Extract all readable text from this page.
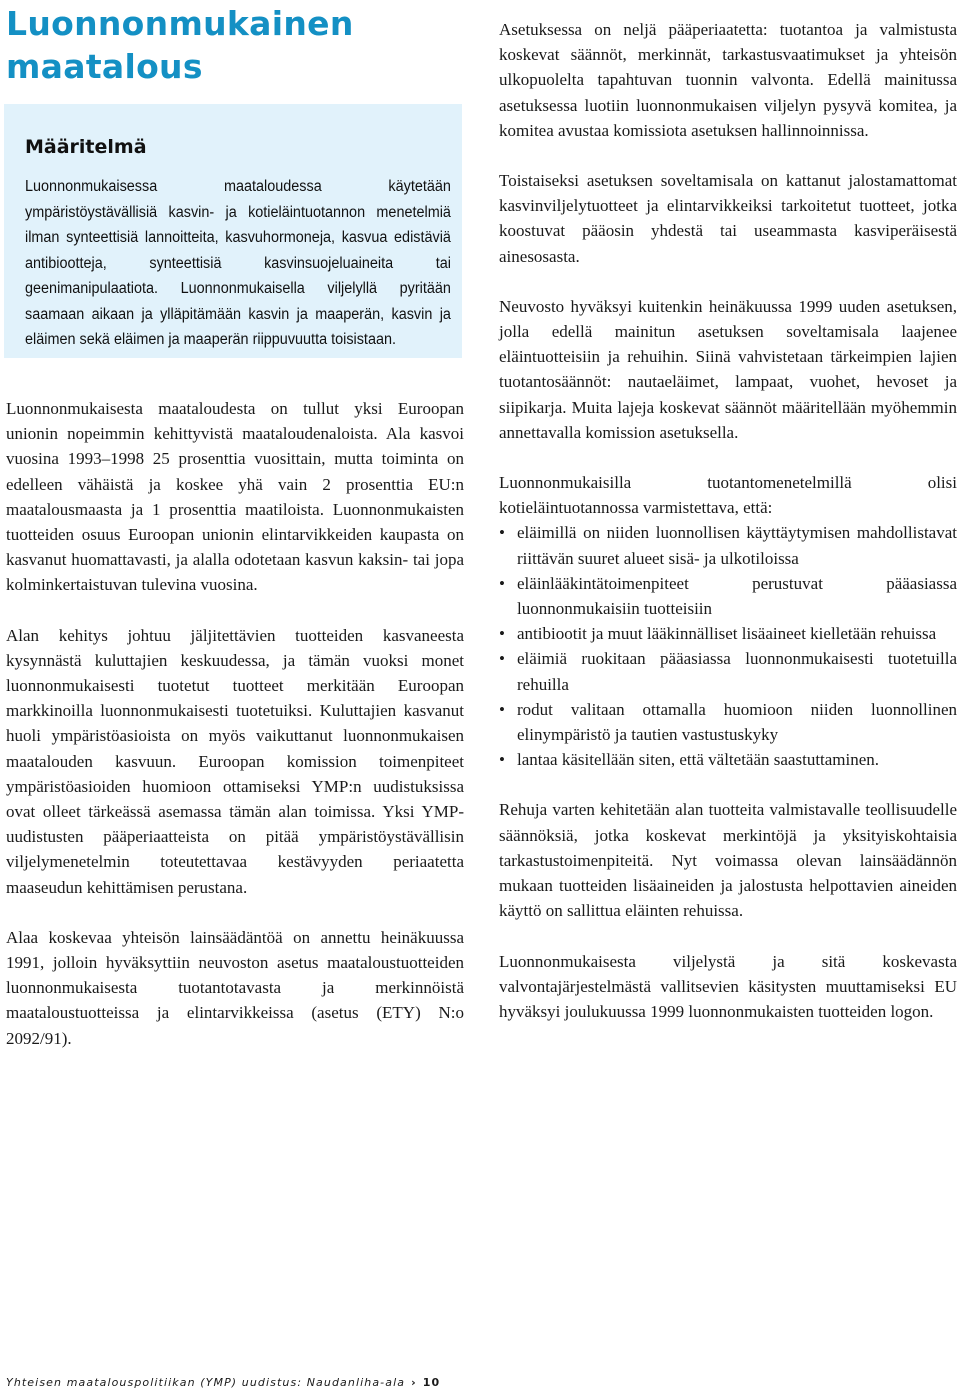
Luonnonmukainen maatalous
Määritelmä

Luonnonmukaisessa maataloudessa käytetään ympäristöystävällisiä kasvin- ja kotieläintuotannon menetelmiä ilman synteettisiä lannoitteita, kasvuhormoneja, kasvua edistäviä antibiootteja, synteettisiä kasvinsuojeluaineita tai geenimanipulaatiota. Luonnonmukaisella viljelyllä pyritään saamaan aikaan ja ylläpitämään kasvin ja maaperän, kasvin ja eläimen sekä eläimen ja maaperän riippuvuutta toisistaan.

Luonnonmukaisesta maataloudesta on tullut yksi Euroopan unionin nopeimmin kehittyvistä maataloudenaloista. Ala kasvoi vuosina 1993–1998 25 prosenttia vuosittain, mutta toiminta on edelleen vähäistä ja koskee yhä vain 2 prosenttia EU:n maatalousmaasta ja 1 prosenttia maatiloista. Luonnonmukaisten tuotteiden osuus Euroopan unionin elintarvikkeiden kaupasta on kasvanut huomattavasti, ja alalla odotetaan kasvun kaksin- tai jopa kolminkertaistuvan tulevina vuosina.

Alan kehitys johtuu jäljitettävien tuotteiden kasvaneesta kysynnästä kuluttajien keskuudessa, ja tämän vuoksi monet luonnonmukaisesti tuotetut tuotteet merkitään Euroopan markkinoilla luonnonmukaisesti tuotetuiksi. Kuluttajien kasvanut huoli ympäristöasioista on myös vaikuttanut luonnonmukaisen maatalouden kasvuun. Euroopan komission toimenpiteet ympäristöasioiden huomioon ottamiseksi YMP:n uudistuksissa ovat olleet tärkeässä asemassa tämän alan toimissa. Yksi YMP-uudistusten pääperiaatteista on pitää ympäristöystävällisin viljelymenetelmin toteutettavaa kestävyyden periaatetta maaseudun kehittämisen perustana.

Alaa koskevaa yhteisön lainsäädäntöä on annettu heinäkuussa 1991, jolloin hyväksyttiin neuvoston asetus maataloustuotteiden luonnonmukaisesta tuotantotavasta ja merkinnöistä maataloustuotteissa ja elintarvikkeissa (asetus (ETY) N:o 2092/91).

Asetuksessa on neljä pääperiaatetta: tuotantoa ja valmistusta koskevat säännöt, merkinnät, tarkastusvaatimukset ja yhteisön ulkopuolelta tapahtuvan tuonnin valvonta. Edellä mainitussa asetuksessa luotiin luonnonmukaisen viljelyn pysyvä komitea, ja komitea avustaa komissiota asetuksen hallinnoinnissa.

Toistaiseksi asetuksen soveltamisala on kattanut jalostamattomat kasvinviljelytuotteet ja elintarvikkeiksi tarkoitetut tuotteet, jotka koostuvat pääosin yhdestä tai useammasta kasviperäisestä ainesosasta.

Neuvosto hyväksyi kuitenkin heinäkuussa 1999 uuden asetuksen, jolla edellä mainitun asetuksen soveltamisala laajenee eläintuotteisiin ja rehuihin. Siinä vahvistetaan tärkeimpien lajien tuotantosäännöt: nautaeläimet, lampaat, vuohet, hevoset ja siipikarja. Muita lajeja koskevat säännöt määritellään myöhemmin annettavalla komission asetuksella.

Luonnonmukaisilla tuotantomenetelmillä olisi kotieläintuotannossa varmistettava, että:

• eläimillä on niiden luonnollisen käyttäytymisen mahdollistavat riittävän suuret alueet sisä- ja ulkotiloissa
• eläinlääkintätoimenpiteet perustuvat pääasiassa luonnonmukaisiin tuotteisiin
• antibiootit ja muut lääkinnälliset lisäaineet kielletään rehuissa
• eläimiä ruokitaan pääasiassa luonnonmukaisesti tuotetuilla rehuilla
• rodut valitaan ottamalla huomioon niiden luonnollinen elinympäristö ja tautien vastustuskyky
• lantaa käsitellään siten, että vältetään saastuttaminen.

Rehuja varten kehitetään alan tuotteita valmistavalle teollisuudelle säännöksiä, jotka koskevat merkintöjä ja yksityiskohtaisia tarkastustoimenpiteitä. Nyt voimassa olevan lainsäädännön mukaan tuotteiden lisäaineiden ja jalostusta helpottavien aineiden käyttö on sallittua eläinten rehuissa.

Luonnonmukaisesta viljelystä ja sitä koskevasta valvontajärjestelmästä vallitsevien käsitysten muuttamiseksi EU hyväksyi joulukuussa 1999 luonnonmukaisten tuotteiden logon.

Yhteisen maatalouspolitiikan (YMP) uudistus: Naudanliha-ala › 10
